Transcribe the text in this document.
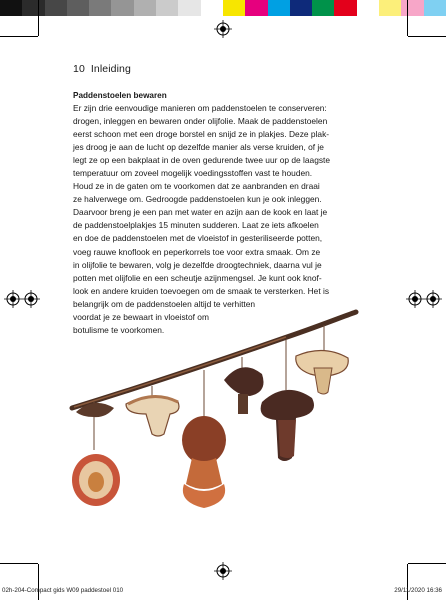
10 Inleiding
Paddenstoelen bewaren
Er zijn drie eenvoudige manieren om paddenstoelen te conserveren:
drogen, inleggen en bewaren onder olijfolie. Maak de paddenstoelen
eerst schoon met een droge borstel en snijd ze in plakjes. Deze plak-
jes droog je aan de lucht op dezelfde manier als verse kruiden, of je
legt ze op een bakplaat in de oven gedurende twee uur op de laagste
temperatuur om zoveel mogelijk voedingsstoffen vast te houden.
Houd ze in de gaten om te voorkomen dat ze aanbranden en draai
ze halverwege om. Gedroogde paddenstoelen kun je ook inleggen.
Daarvoor breng je een pan met water en azijn aan de kook en laat je
de paddenstoelplakjes 15 minuten sudderen. Laat ze iets afkoelen
en doe de paddenstoelen met de vloeistof in gesteriliseerde potten,
voeg rauwe knoflook en peperkorrels toe voor extra smaak. Om ze
in olijfolie te bewaren, volg je dezelfde droogtechniek, daarna vul je
potten met olijfolie en een scheutje azijnmengsel. Je kunt ook knof-
look en andere kruiden toevoegen om de smaak te versterken. Het is
belangrijk om de paddenstoelen altijd te verhitten
voordat je ze bewaart in vloeistof om
botulisme te voorkomen.
02h-204-Compact gids W09 paddestoel 010	29/11/2020 16:36
